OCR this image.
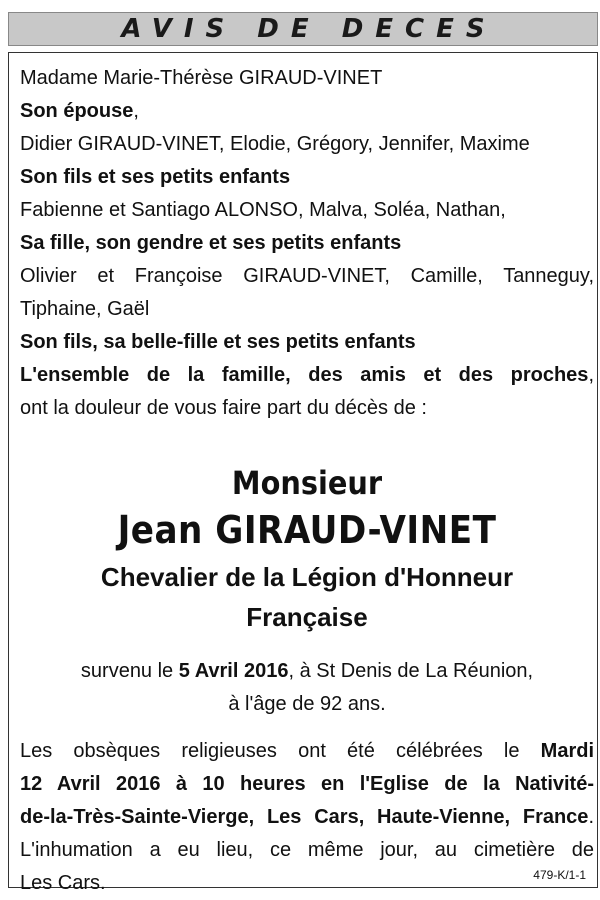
AVIS DE DECES
Madame Marie-Thérèse GIRAUD-VINET
Son épouse,
Didier GIRAUD-VINET, Elodie, Grégory, Jennifer, Maxime
Son fils et ses petits enfants
Fabienne et Santiago ALONSO, Malva, Soléa, Nathan,
Sa fille, son gendre et ses petits enfants
Olivier et Françoise GIRAUD-VINET, Camille, Tanneguy,
Tiphaine, Gaël
Son fils, sa belle-fille et ses petits enfants
L'ensemble de la famille, des amis et des proches,
ont la douleur de vous faire part du décès de :
Monsieur
Jean GIRAUD-VINET
Chevalier de la Légion d'Honneur
Française
survenu le 5 Avril 2016, à St Denis de La Réunion,
à l'âge de 92 ans.
Les obsèques religieuses ont été célébrées le Mardi
12 Avril 2016 à 10 heures en l'Eglise de la Nativité-
de-la-Très-Sainte-Vierge, Les Cars, Haute-Vienne, France.
L'inhumation a eu lieu, ce même jour, au cimetière de
Les Cars.	479-K/1-1
